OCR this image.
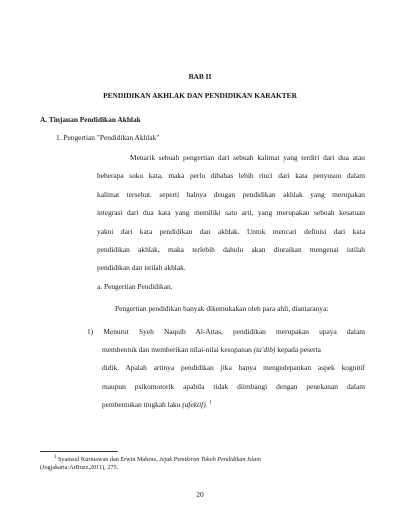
BAB II
PENDIDIKAN AKHLAK DAN PENDIDIKAN KARAKTER
A. Tinjauan Pendidikan Akhlak
1. Pengertian "Pendidikan Akhlak"
Menarik sebuah pengertian dari sebuah kalimat yang terdiri dari dua atau
beberapa suku kata, maka perlu dibahas lebih rinci dari kata penyusun dalam
kalimat tersebut. seperti halnya dengan pendidikan akhlak yang merupakan
integrasi dari dua kata yang memiliki satu arti, yang merupakan sebuah kesatuan
yakni dari kata pendidikan dan akhlak. Untuk mencari definisi dari kata
pendidikan akhlak, maka terlebih dahulu akan diuraikan mengenai istilah
pendidikan dan istilah akhlak.
a. Pengertian Pendidikan.
Pengertian pendidikan banyak dikemukakan oleh para ahli, diantaranya:
1) Menurut Syeh Naquib Al-Attas, pendidikan merupakan upaya dalam
membentuk dan memberikan nilai-nilai kesopanan (ta'dib) kepada peserta
didik. Apalah artinya pendidikan jika hanya mengedepankan aspek kognitif
maupun psikomotorik apabila tidak diimbangi dengan penekanan dalam
pembentukan tingkah laku (afektif). $^1$
$^1$ Syamsul Kurniawan dan Erwin Mahrus, Jejak Pemikiran Tokoh Pendidikan Islam
(Jogjakarta:ArRuzz,2011), 275.
20
